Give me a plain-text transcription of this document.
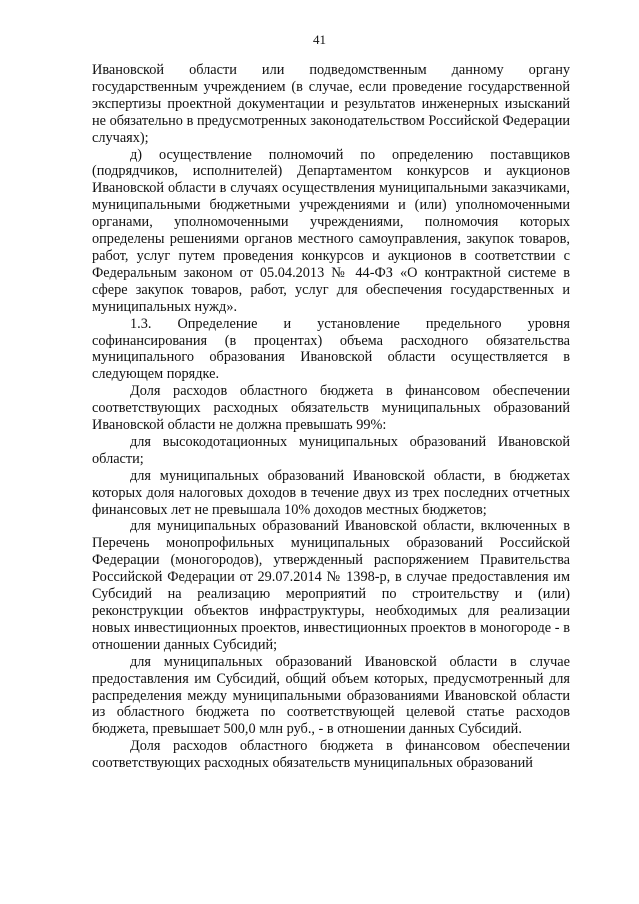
41

Ивановской области или подведомственным данному органу государственным учреждением (в случае, если проведение государственной экспертизы проектной документации и результатов инженерных изысканий не обязательно в предусмотренных законодательством Российской Федерации случаях);

д) осуществление полномочий по определению поставщиков (подрядчиков, исполнителей) Департаментом конкурсов и аукционов Ивановской области в случаях осуществления муниципальными заказчиками, муниципальными бюджетными учреждениями и (или) уполномоченными органами, уполномоченными учреждениями, полномочия которых определены решениями органов местного самоуправления, закупок товаров, работ, услуг путем проведения конкурсов и аукционов в соответствии с Федеральным законом от 05.04.2013 № 44-ФЗ «О контрактной системе в сфере закупок товаров, работ, услуг для обеспечения государственных и муниципальных нужд».

1.3. Определение и установление предельного уровня софинансирования (в процентах) объема расходного обязательства муниципального образования Ивановской области осуществляется в следующем порядке.

Доля расходов областного бюджета в финансовом обеспечении соответствующих расходных обязательств муниципальных образований Ивановской области не должна превышать 99%:

для высокодотационных муниципальных образований Ивановской области;

для муниципальных образований Ивановской области, в бюджетах которых доля налоговых доходов в течение двух из трех последних отчетных финансовых лет не превышала 10% доходов местных бюджетов;

для муниципальных образований Ивановской области, включенных в Перечень монопрофильных муниципальных образований Российской Федерации (моногородов), утвержденный распоряжением Правительства Российской Федерации от 29.07.2014 № 1398-р, в случае предоставления им Субсидий на реализацию мероприятий по строительству и (или) реконструкции объектов инфраструктуры, необходимых для реализации новых инвестиционных проектов, инвестиционных проектов в моногороде - в отношении данных Субсидий;

для муниципальных образований Ивановской области в случае предоставления им Субсидий, общий объем которых, предусмотренный для распределения между муниципальными образованиями Ивановской области из областного бюджета по соответствующей целевой статье расходов бюджета, превышает 500,0 млн руб., - в отношении данных Субсидий.

Доля расходов областного бюджета в финансовом обеспечении соответствующих расходных обязательств муниципальных образований
